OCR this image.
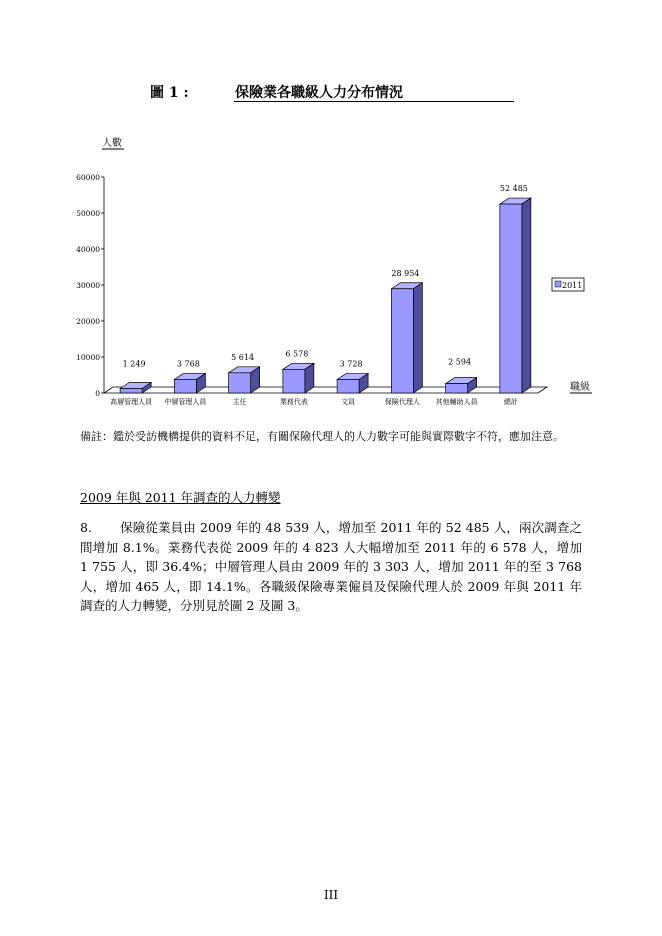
圖 1 :	保險業各職級人力分布情況
人數
0
10000
20000
30000
40000
50000
60000
1 249
高層管理人員
3 768
中層管理人員
5 614
主任
6 578
業務代表
3 728
文員
28 954
保險代理人
2 594
其他輔助人員
52 485
總計
職級
2011
備註：鑑於受訪機構提供的資料不足，有關保險代理人的人力數字可能與實際數字不符，應加注意。
2009 年與 2011 年調查的人力轉變
8. 保險從業員由 2009 年的 48 539 人，增加至 2011 年的 52 485 人，兩次調查之間增加 8.1%。業務代表從 2009 年的 4 823 人大幅增加至 2011 年的 6 578 人，增加 1 755 人，即 36.4%；中層管理人員由 2009 年的 3 303 人，增加 2011 年的至 3 768 人，增加 465 人，即 14.1%。各職級保險專業僱員及保險代理人於 2009 年與 2011 年調查的人力轉變，分別見於圖 2 及圖 3。
III
